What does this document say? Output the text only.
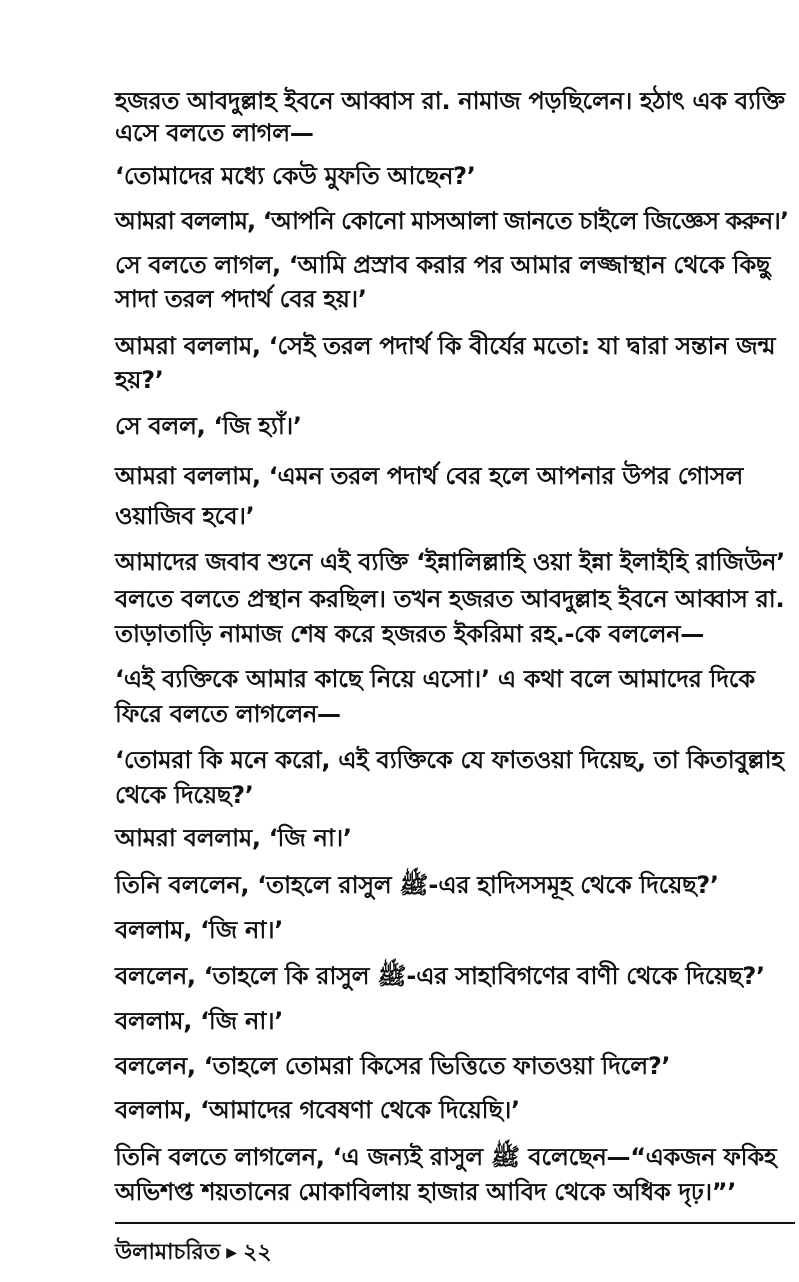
হজরত আবদুল্লাহ ইবনে আব্বাস রা. নামাজ পড়ছিলেন। হঠাৎ এক ব্যক্তি
এসে বলতে লাগল—
‘তোমাদের মধ্যে কেউ মুফতি আছেন?’
আমরা বললাম, ‘আপনি কোনো মাসআলা জানতে চাইলে জিজ্ঞেস করুন।’
সে বলতে লাগল, ‘আমি প্রস্রাব করার পর আমার লজ্জাস্থান থেকে কিছু
সাদা তরল পদার্থ বের হয়।’
আমরা বললাম, ‘সেই তরল পদার্থ কি বীর্যের মতো: যা দ্বারা সন্তান জন্ম
হয়?’
সে বলল, ‘জি হ্যাঁ।’
আমরা বললাম, ‘এমন তরল পদার্থ বের হলে আপনার উপর গোসল
ওয়াজিব হবে।’
আমাদের জবাব শুনে এই ব্যক্তি ‘ইন্নালিল্লাহি ওয়া ইন্না ইলাইহি রাজিউন’
বলতে বলতে প্রস্থান করছিল। তখন হজরত আবদুল্লাহ ইবনে আব্বাস রা.
তাড়াতাড়ি নামাজ শেষ করে হজরত ইকরিমা রহ.-কে বললেন—
‘এই ব্যক্তিকে আমার কাছে নিয়ে এসো।’ এ কথা বলে আমাদের দিকে
ফিরে বলতে লাগলেন—
‘তোমরা কি মনে করো, এই ব্যক্তিকে যে ফাতওয়া দিয়েছ, তা কিতাবুল্লাহ
থেকে দিয়েছ?’
আমরা বললাম, ‘জি না।’
তিনি বললেন, ‘তাহলে রাসুল ﷺ-এর হাদিসসমূহ থেকে দিয়েছ?’
বললাম, ‘জি না।’
বললেন, ‘তাহলে কি রাসুল ﷺ-এর সাহাবিগণের বাণী থেকে দিয়েছ?’
বললাম, ‘জি না।’
বললেন, ‘তাহলে তোমরা কিসের ভিত্তিতে ফাতওয়া দিলে?’
বললাম, ‘আমাদের গবেষণা থেকে দিয়েছি।’
তিনি বলতে লাগলেন, ‘এ জন্যই রাসুল ﷺ বলেছেন—“একজন ফকিহ
অভিশপ্ত শয়তানের মোকাবিলায় হাজার আবিদ থেকে অধিক দৃঢ়।”’
উলামাচরিত ▶ ২২
